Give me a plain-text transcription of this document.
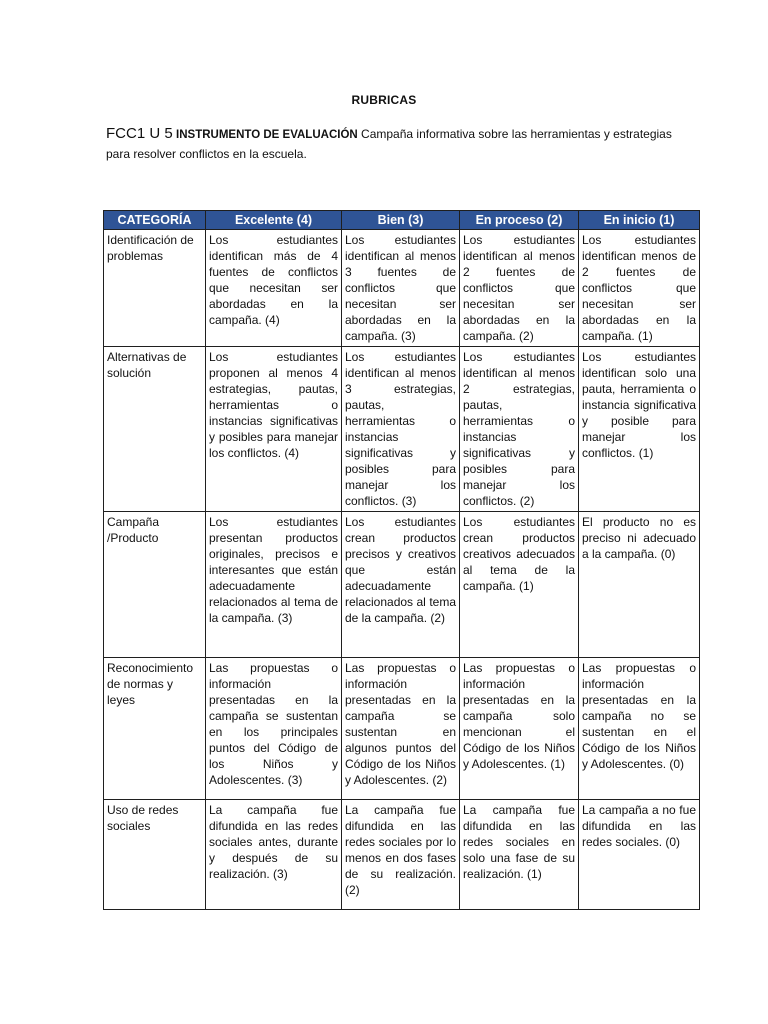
RUBRICAS
FCC1 U 5 INSTRUMENTO DE EVALUACIÓN Campaña informativa sobre las herramientas y estrategias para resolver conflictos en la escuela.
CATEGORÍA	Excelente (4)	Bien (3)	En proceso (2)	En inicio (1)
Identificación de problemas	Los estudiantes identifican más de 4 fuentes de conflictos que necesitan ser abordadas en la campaña. (4)	Los estudiantes identifican al menos 3 fuentes de conflictos que necesitan ser abordadas en la campaña. (3)	Los estudiantes identifican al menos 2 fuentes de conflictos que necesitan ser abordadas en la campaña. (2)	Los estudiantes identifican menos de 2 fuentes de conflictos que necesitan ser abordadas en la campaña. (1)
Alternativas de solución	Los estudiantes proponen al menos 4 estrategias, pautas, herramientas o instancias significativas y posibles para manejar los conflictos. (4)	Los estudiantes identifican al menos 3 estrategias, pautas, herramientas o instancias significativas y posibles para manejar los conflictos. (3)	Los estudiantes identifican al menos 2 estrategias, pautas, herramientas o instancias significativas y posibles para manejar los conflictos. (2)	Los estudiantes identifican solo una pauta, herramienta o instancia significativa y posible para manejar los conflictos. (1)
Campaña /Producto	Los estudiantes presentan productos originales, precisos e interesantes que están adecuadamente relacionados al tema de la campaña. (3)	Los estudiantes crean productos precisos y creativos que están adecuadamente relacionados al tema de la campaña. (2)	Los estudiantes crean productos creativos adecuados al tema de la campaña. (1)	El producto no es preciso ni adecuado a la campaña. (0)
Reconocimiento de normas y leyes	Las propuestas o información presentadas en la campaña se sustentan en los principales puntos del Código de los Niños y Adolescentes. (3)	Las propuestas o información presentadas en la campaña se sustentan en algunos puntos del Código de los Niños y Adolescentes. (2)	Las propuestas o información presentadas en la campaña solo mencionan el Código de los Niños y Adolescentes. (1)	Las propuestas o información presentadas en la campaña no se sustentan en el Código de los Niños y Adolescentes. (0)
Uso de redes sociales	La campaña fue difundida en las redes sociales antes, durante y después de su realización. (3)	La campaña fue difundida en las redes sociales por lo menos en dos fases de su realización. (2)	La campaña fue difundida en las redes sociales en solo una fase de su realización. (1)	La campaña a no fue difundida en las redes sociales. (0)
